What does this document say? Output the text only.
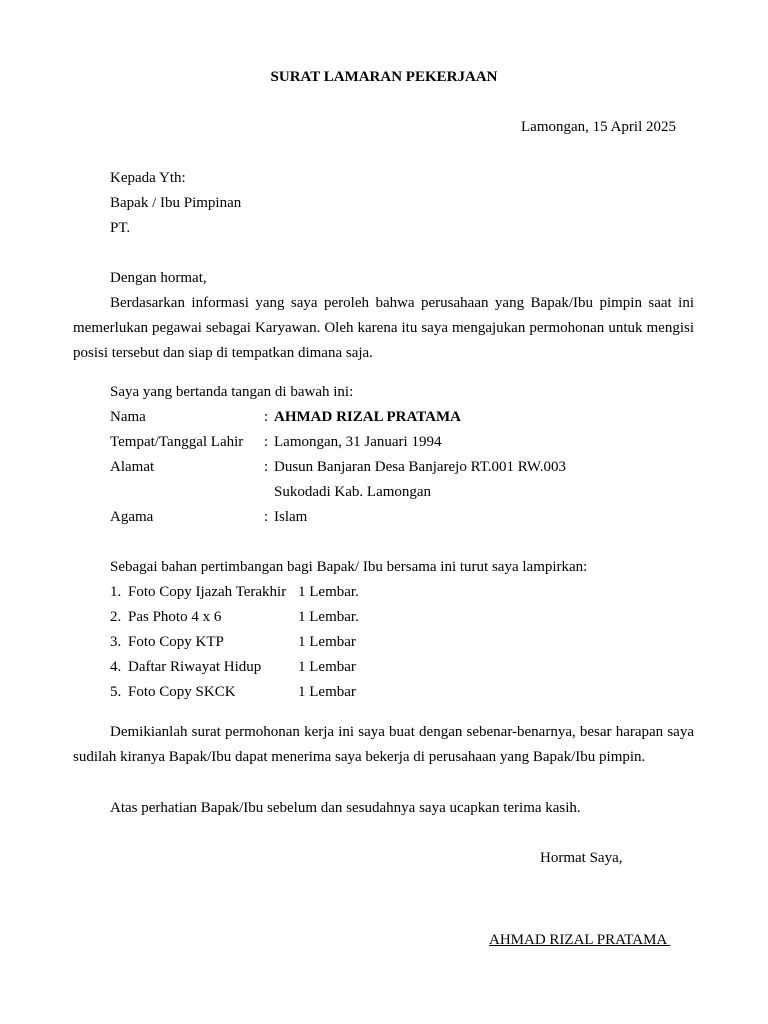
SURAT LAMARAN PEKERJAAN
Lamongan, 15 April 2025
Kepada Yth:
Bapak / Ibu Pimpinan
PT.
Dengan hormat,
Berdasarkan informasi yang saya peroleh bahwa perusahaan yang Bapak/Ibu pimpin saat ini memerlukan pegawai sebagai Karyawan. Oleh karena itu saya mengajukan permohonan untuk mengisi posisi tersebut dan siap di tempatkan dimana saja.
Saya yang bertanda tangan di bawah ini:
Nama	: AHMAD RIZAL PRATAMA
Tempat/Tanggal Lahir	: Lamongan, 31 Januari 1994
Alamat	: Dusun Banjaran Desa Banjarejo RT.001 RW.003
Sukodadi Kab. Lamongan
Agama	: Islam
Sebagai bahan pertimbangan bagi Bapak/ Ibu bersama ini turut saya lampirkan:
1. Foto Copy Ijazah Terakhir 1 Lembar.
2. Pas Photo 4 x 6	1 Lembar.
3. Foto Copy KTP	1 Lembar
4. Daftar Riwayat Hidup	1 Lembar
5. Foto Copy SKCK	1 Lembar
Demikianlah surat permohonan kerja ini saya buat dengan sebenar-benarnya, besar harapan saya sudilah kiranya Bapak/Ibu dapat menerima saya bekerja di perusahaan yang Bapak/Ibu pimpin.
Atas perhatian Bapak/Ibu sebelum dan sesudahnya saya ucapkan terima kasih.
Hormat Saya,
AHMAD RIZAL PRATAMA
